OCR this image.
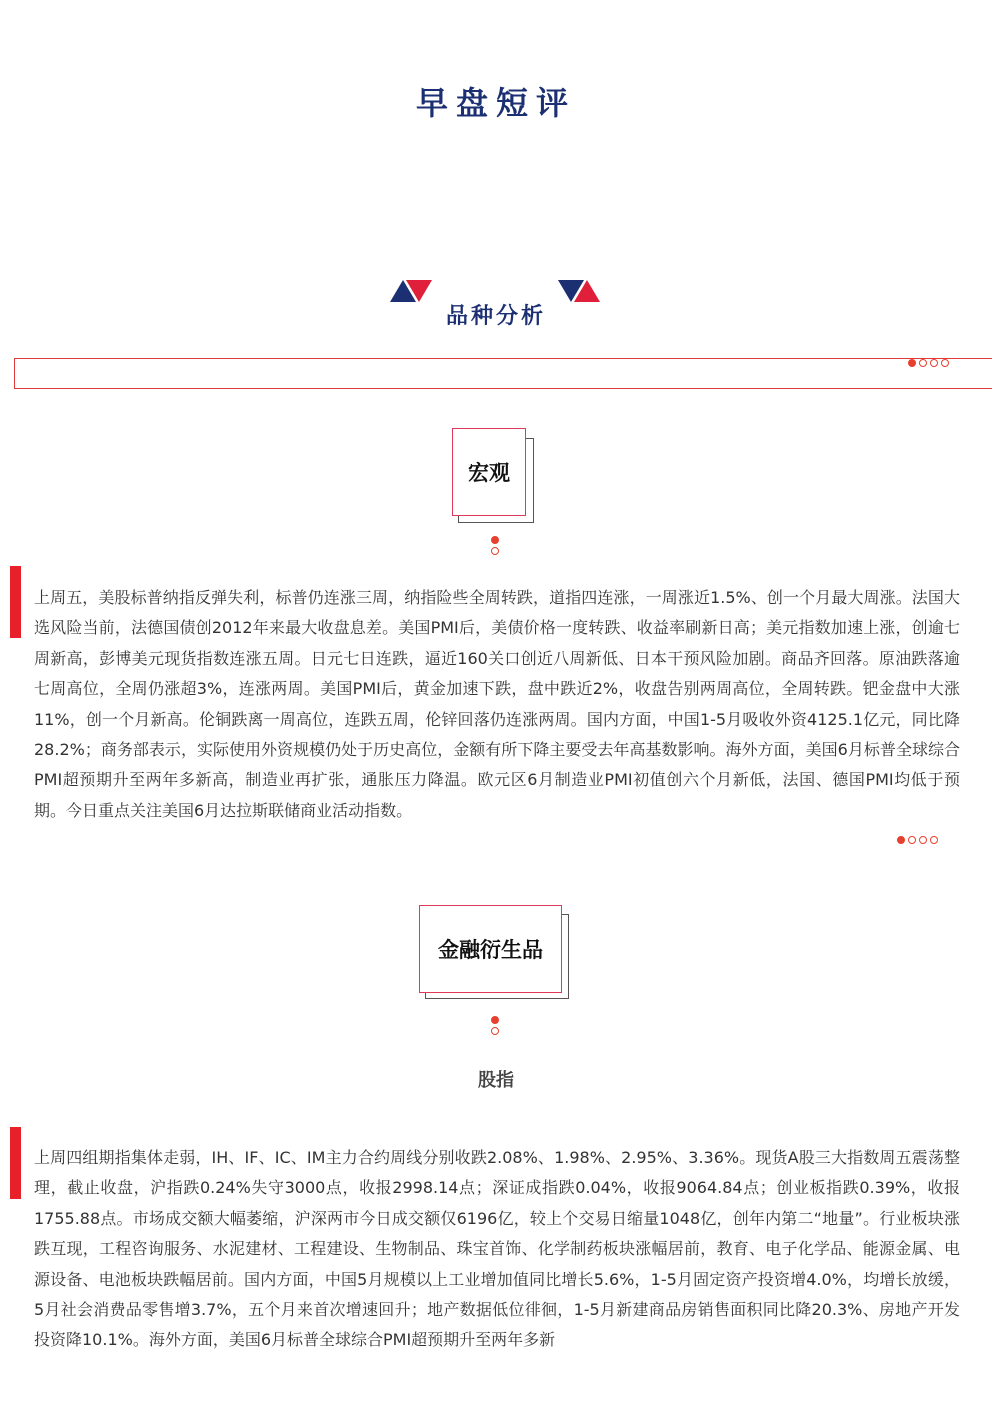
早盘短评
品种分析
宏观

上周五，美股标普纳指反弹失利，标普仍连涨三周，纳指险些全周转跌，道指四连涨，一周涨近1.5%、创一个月最大周涨。法国大选风险当前，法德国债创2012年来最大收盘息差。美国PMI后，美债价格一度转跌、收益率刷新日高；美元指数加速上涨，创逾七周新高，彭博美元现货指数连涨五周。日元七日连跌，逼近160关口创近八周新低、日本干预风险加剧。商品齐回落。原油跌落逾七周高位，全周仍涨超3%，连涨两周。美国PMI后，黄金加速下跌，盘中跌近2%，收盘告别两周高位，全周转跌。钯金盘中大涨11%，创一个月新高。伦铜跌离一周高位，连跌五周，伦锌回落仍连涨两周。国内方面，中国1-5月吸收外资4125.1亿元，同比降28.2%；商务部表示，实际使用外资规模仍处于历史高位，金额有所下降主要受去年高基数影响。海外方面，美国6月标普全球综合PMI超预期升至两年多新高，制造业再扩张，通胀压力降温。欧元区6月制造业PMI初值创六个月新低，法国、德国PMI均低于预期。今日重点关注美国6月达拉斯联储商业活动指数。

金融衍生品
股指

上周四组期指集体走弱，IH、IF、IC、IM主力合约周线分别收跌2.08%、1.98%、2.95%、3.36%。现货A股三大指数周五震荡整理，截止收盘，沪指跌0.24%失守3000点，收报2998.14点；深证成指跌0.04%，收报9064.84点；创业板指跌0.39%，收报1755.88点。市场成交额大幅萎缩，沪深两市今日成交额仅6196亿，较上个交易日缩量1048亿，创年内第二“地量”。行业板块涨跌互现，工程咨询服务、水泥建材、工程建设、生物制品、珠宝首饰、化学制药板块涨幅居前，教育、电子化学品、能源金属、电源设备、电池板块跌幅居前。国内方面，中国5月规模以上工业增加值同比增长5.6%，1-5月固定资产投资增4.0%，均增长放缓，5月社会消费品零售增3.7%，五个月来首次增速回升；地产数据低位徘徊，1-5月新建商品房销售面积同比降20.3%、房地产开发投资降10.1%。海外方面，美国6月标普全球综合PMI超预期升至两年多新
